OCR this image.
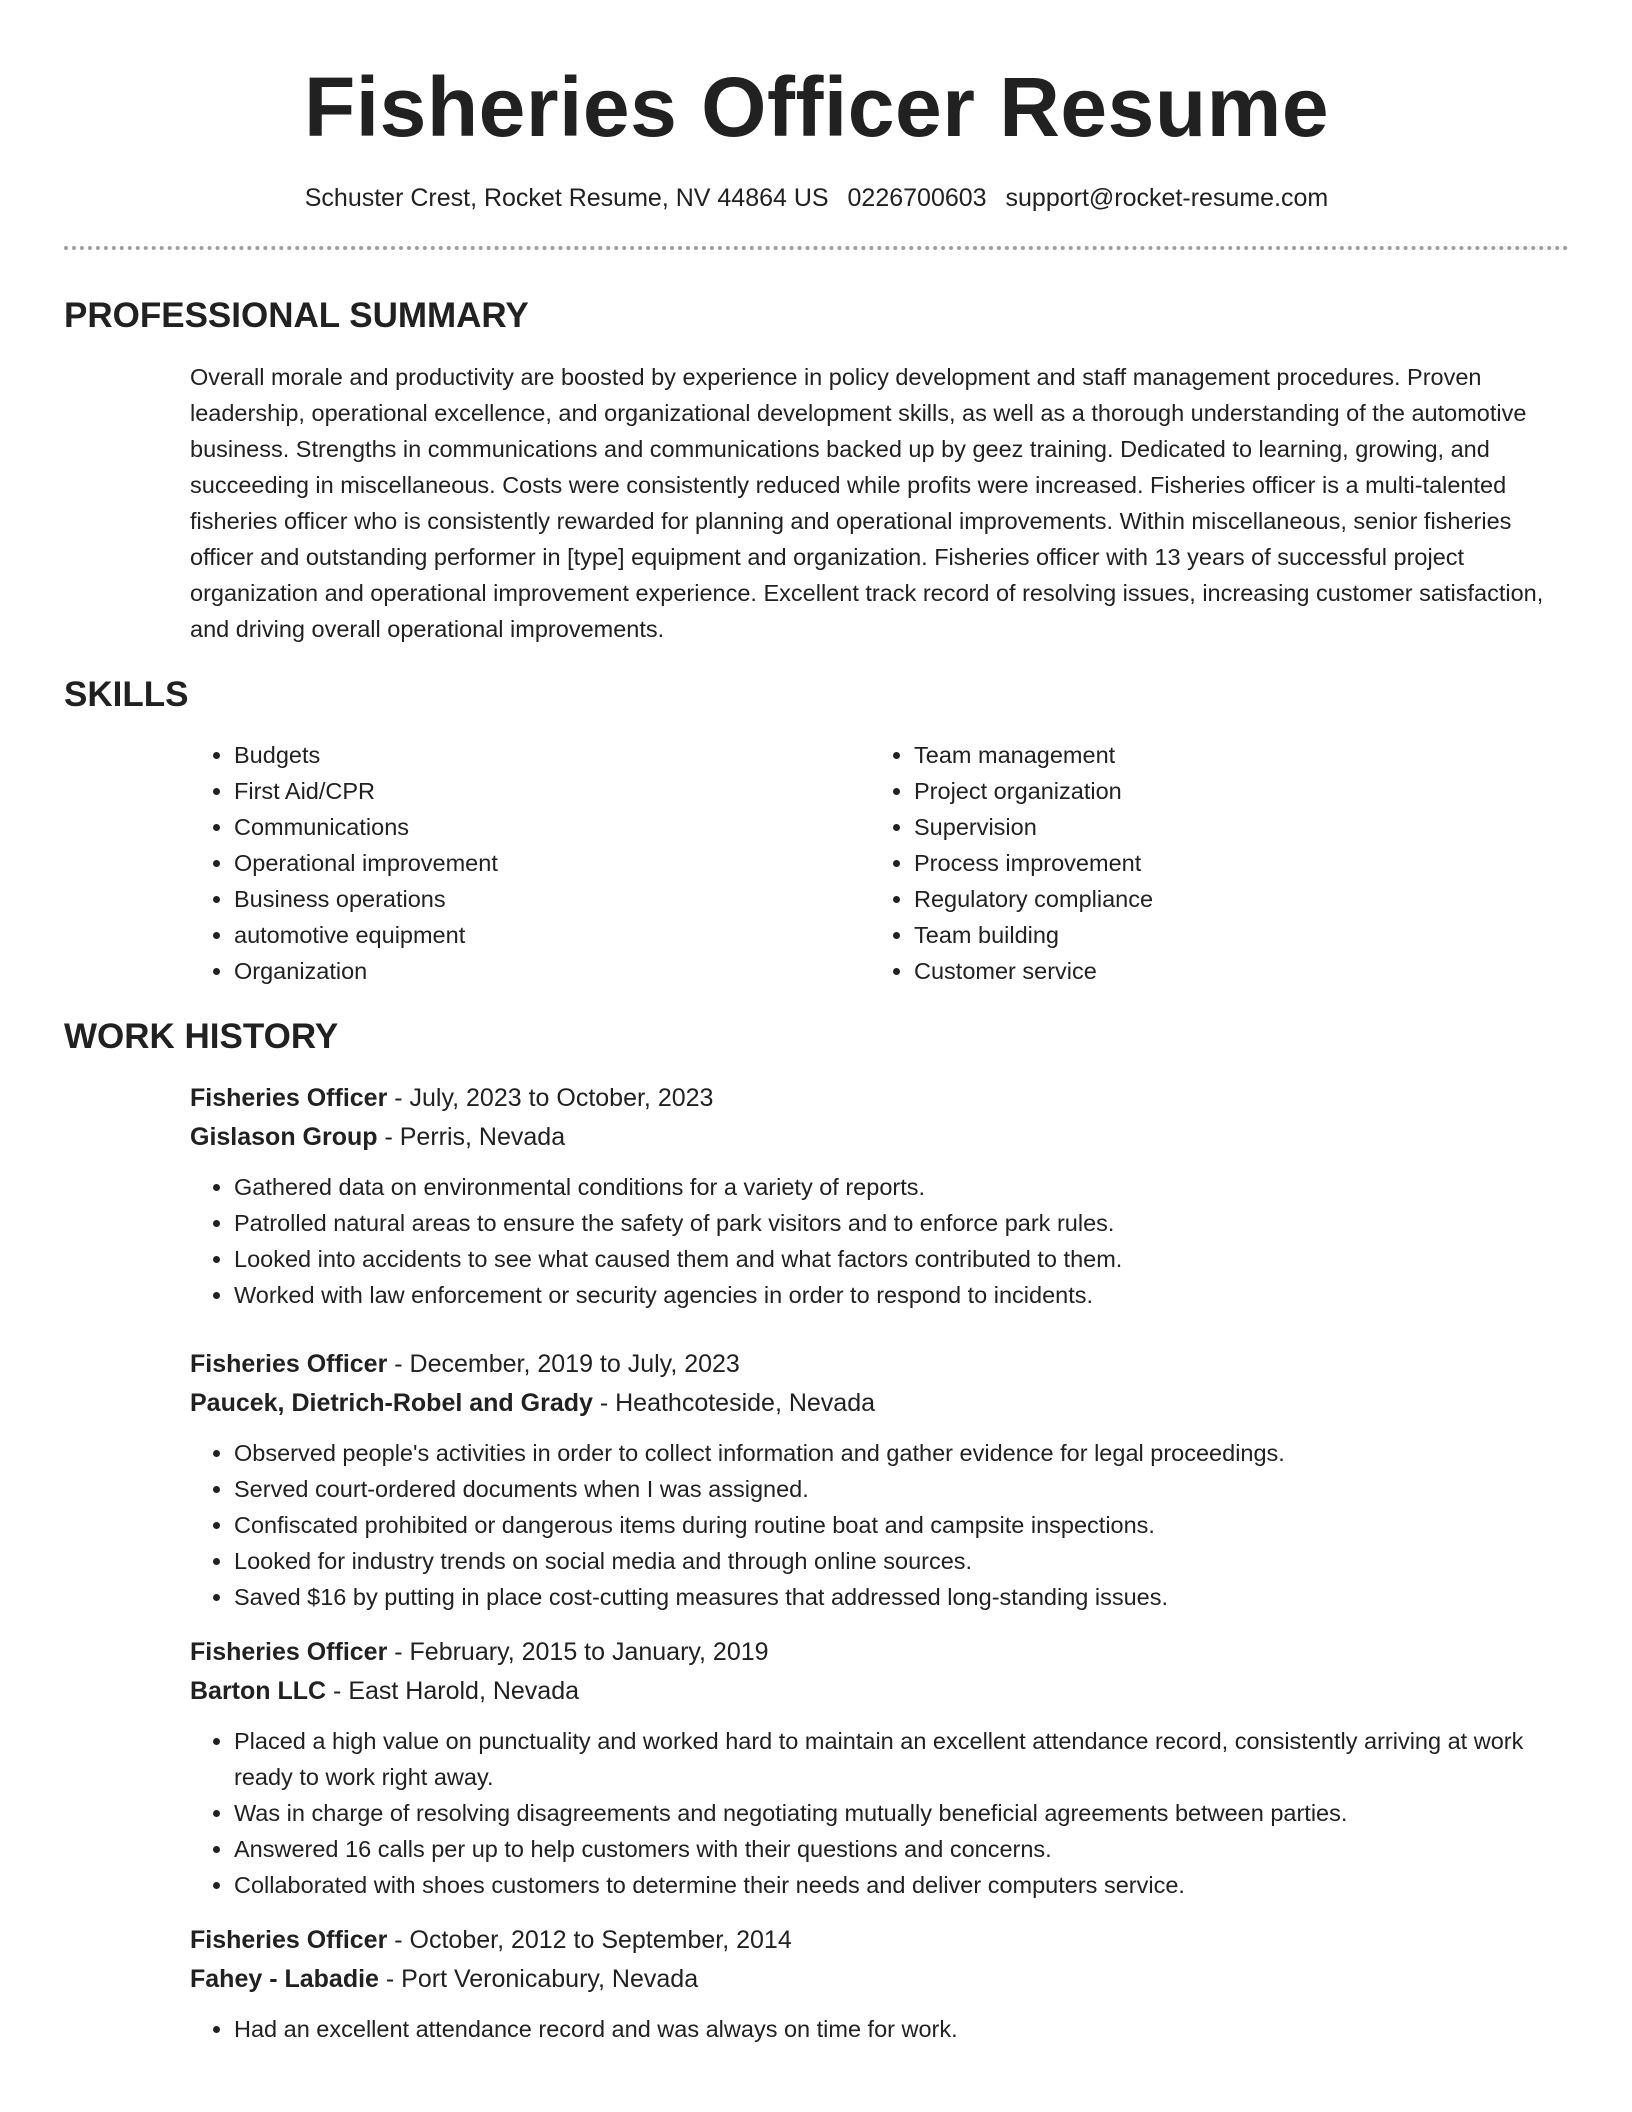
Fisheries Officer Resume
Schuster Crest, Rocket Resume, NV 44864 US 0226700603 support@rocket-resume.com
PROFESSIONAL SUMMARY
Overall morale and productivity are boosted by experience in policy development and staff management procedures. Proven leadership, operational excellence, and organizational development skills, as well as a thorough understanding of the automotive business. Strengths in communications and communications backed up by geez training. Dedicated to learning, growing, and succeeding in miscellaneous. Costs were consistently reduced while profits were increased. Fisheries officer is a multi-talented fisheries officer who is consistently rewarded for planning and operational improvements. Within miscellaneous, senior fisheries officer and outstanding performer in [type] equipment and organization. Fisheries officer with 13 years of successful project organization and operational improvement experience. Excellent track record of resolving issues, increasing customer satisfaction, and driving overall operational improvements.
SKILLS
• Budgets
• First Aid/CPR
• Communications
• Operational improvement
• Business operations
• automotive equipment
• Organization
• Team management
• Project organization
• Supervision
• Process improvement
• Regulatory compliance
• Team building
• Customer service
WORK HISTORY
Fisheries Officer - July, 2023 to October, 2023
Gislason Group - Perris, Nevada
• Gathered data on environmental conditions for a variety of reports.
• Patrolled natural areas to ensure the safety of park visitors and to enforce park rules.
• Looked into accidents to see what caused them and what factors contributed to them.
• Worked with law enforcement or security agencies in order to respond to incidents.
Fisheries Officer - December, 2019 to July, 2023
Paucek, Dietrich-Robel and Grady - Heathcoteside, Nevada
• Observed people's activities in order to collect information and gather evidence for legal proceedings.
• Served court-ordered documents when I was assigned.
• Confiscated prohibited or dangerous items during routine boat and campsite inspections.
• Looked for industry trends on social media and through online sources.
• Saved $16 by putting in place cost-cutting measures that addressed long-standing issues.
Fisheries Officer - February, 2015 to January, 2019
Barton LLC - East Harold, Nevada
• Placed a high value on punctuality and worked hard to maintain an excellent attendance record, consistently arriving at work ready to work right away.
• Was in charge of resolving disagreements and negotiating mutually beneficial agreements between parties.
• Answered 16 calls per up to help customers with their questions and concerns.
• Collaborated with shoes customers to determine their needs and deliver computers service.
Fisheries Officer - October, 2012 to September, 2014
Fahey - Labadie - Port Veronicabury, Nevada
• Had an excellent attendance record and was always on time for work.
